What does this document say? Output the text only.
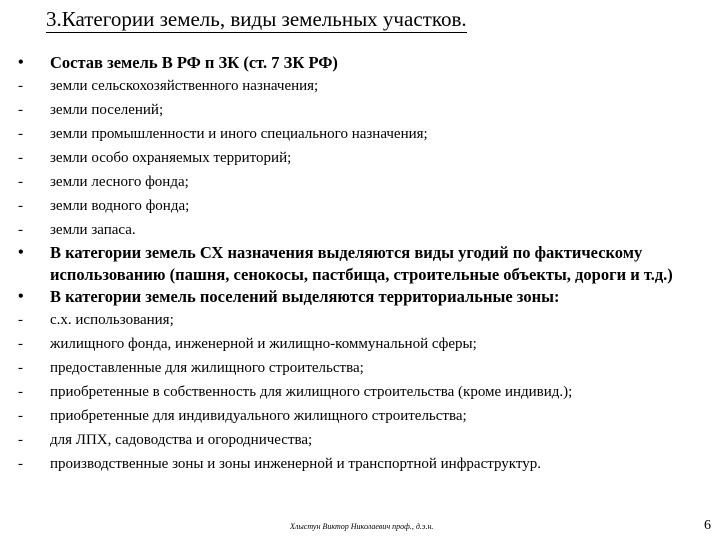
3.Категории земель, виды земельных участков.
•	Состав земель В РФ п ЗК (ст. 7 ЗК РФ)
-	земли сельскохозяйственного назначения;
-	земли поселений;
-	земли промышленности и иного специального назначения;
-	земли особо охраняемых территорий;
-	земли лесного фонда;
-	земли водного фонда;
-	земли запаса.
•	В категории земель СХ назначения выделяются виды угодий по фактическому использованию (пашня, сенокосы, пастбища, строительные объекты, дороги и т.д.)
•	В категории земель поселений выделяются территориальные зоны:
-	с.х. использования;
-	жилищного фонда, инженерной и жилищно-коммунальной сферы;
-	предоставленные для жилищного строительства;
-	приобретенные в собственность для жилищного строительства (кроме индивид.);
-	приобретенные для индивидуального жилищного строительства;
-	для ЛПХ, садоводства и огородничества;
-	производственные зоны и зоны инженерной и транспортной инфраструктур.
Хлыстун Виктор Николаевич проф., д.э.н.	6
